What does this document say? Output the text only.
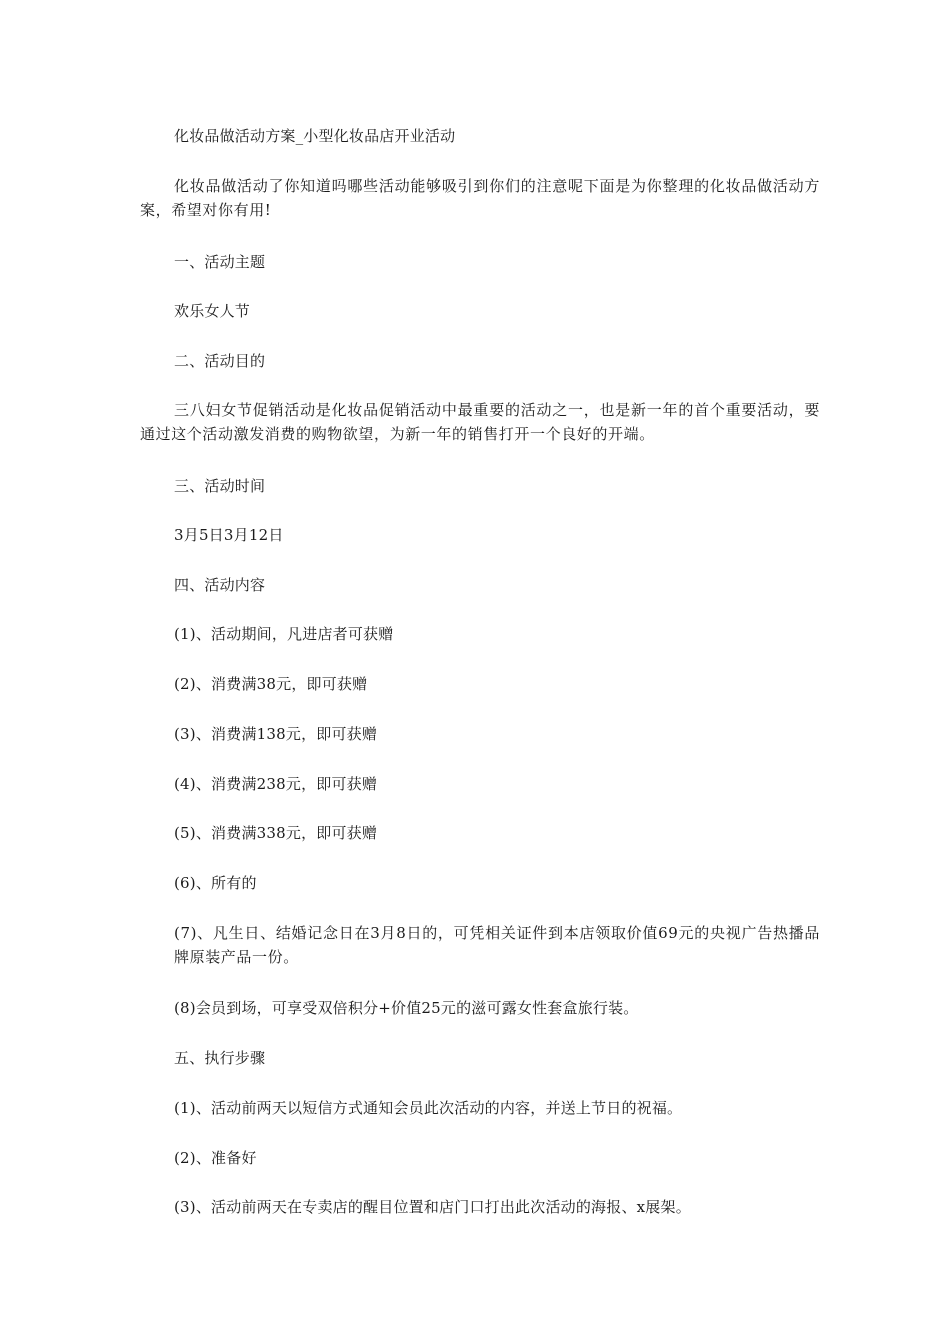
化妆品做活动方案_小型化妆品店开业活动
化妆品做活动了你知道吗哪些活动能够吸引到你们的注意呢下面是为你整理的化妆品做活动方案，希望对你有用!
一、活动主题
欢乐女人节
二、活动目的
三八妇女节促销活动是化妆品促销活动中最重要的活动之一，也是新一年的首个重要活动，要通过这个活动激发消费的购物欲望，为新一年的销售打开一个良好的开端。
三、活动时间
3月5日3月12日
四、活动内容
(1)、活动期间，凡进店者可获赠
(2)、消费满38元，即可获赠
(3)、消费满138元，即可获赠
(4)、消费满238元，即可获赠
(5)、消费满338元，即可获赠
(6)、所有的
(7)、凡生日、结婚记念日在3月8日的，可凭相关证件到本店领取价值69元的央视广告热播品牌原装产品一份。
(8)会员到场，可享受双倍积分+价值25元的滋可露女性套盒旅行装。
五、执行步骤
(1)、活动前两天以短信方式通知会员此次活动的内容，并送上节日的祝福。
(2)、准备好
(3)、活动前两天在专卖店的醒目位置和店门口打出此次活动的海报、x展架。
